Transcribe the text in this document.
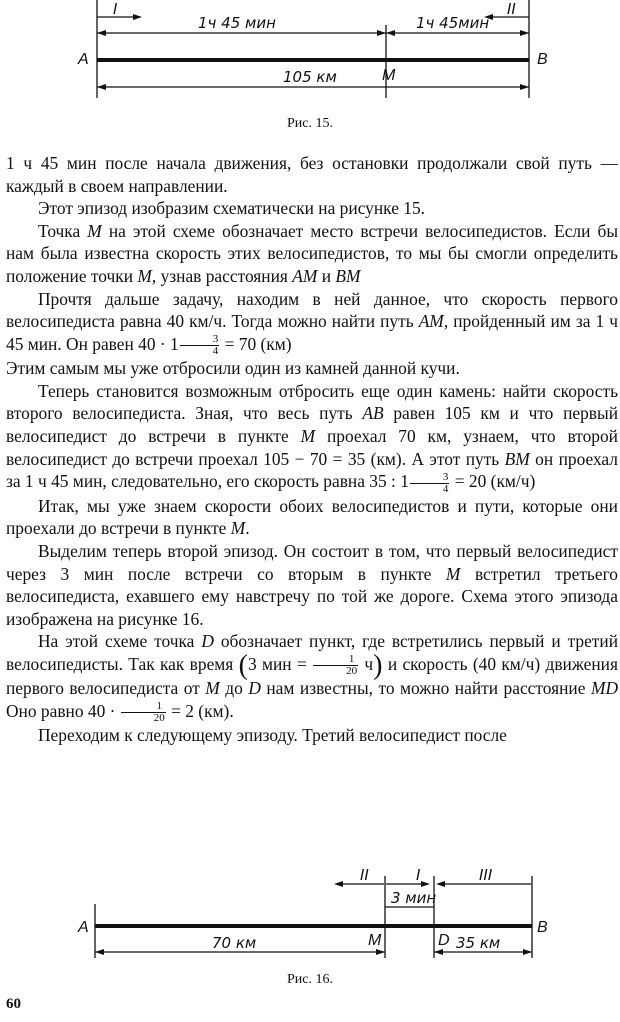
I	II
1ч 45 мин	1ч 45мин
A	B
M
105 км
Рис. 15.

1 ч 45 мин после начала движения, без остановки продолжали свой путь — каждый в своем направлении.

Этот эпизод изобразим схематически на рисунке 15.

Точка M на этой схеме обозначает место встречи велосипедистов. Если бы нам была известна скорость этих велосипедистов, то мы бы смогли определить положение точки M, узнав расстояния AM и BM

Прочтя дальше задачу, находим в ней данное, что скорость первого велосипедиста равна 40 км/ч. Тогда можно найти путь AM, пройденный им за 1 ч 45 мин. Он равен $40 \cdot 1 \frac{3}{4} = 70$ (км)

Этим самым мы уже отбросили один из камней данной кучи.

Теперь становится возможным отбросить еще один камень: найти скорость второго велосипедиста. Зная, что весь путь AB равен 105 км и что первый велосипедист до встречи в пункте M проехал 70 км, узнаем, что второй велосипедист до встречи проехал 105 − 70 = 35 (км). А этот путь BM он проехал за 1 ч 45 мин, следовательно, его скорость равна 35 : $1 \frac{3}{4} = 20$ (км/ч)

Итак, мы уже знаем скорости обоих велосипедистов и пути, которые они проехали до встречи в пункте M.

Выделим теперь второй эпизод. Он состоит в том, что первый велосипедист через 3 мин после встречи со вторым в пункте M встретил третьего велосипедиста, ехавшего ему навстречу по той же дороге. Схема этого эпизода изображена на рисунке 16.

На этой схеме точка D обозначает пункт, где встретились первый и третий велосипедисты. Так как время (3 мин = $\frac{1}{20} ч$) и скорость (40 км/ч) движения первого велосипедиста от M до D нам известны, то можно найти расстояние MD Оно равно $40 \cdot \frac{1}{20} = 2$ (км).

Переходим к следующему эпизоду. Третий велосипедист после

II	I	III
3 мин
A	B
M	D
70 км	35 км
Рис. 16.
60
